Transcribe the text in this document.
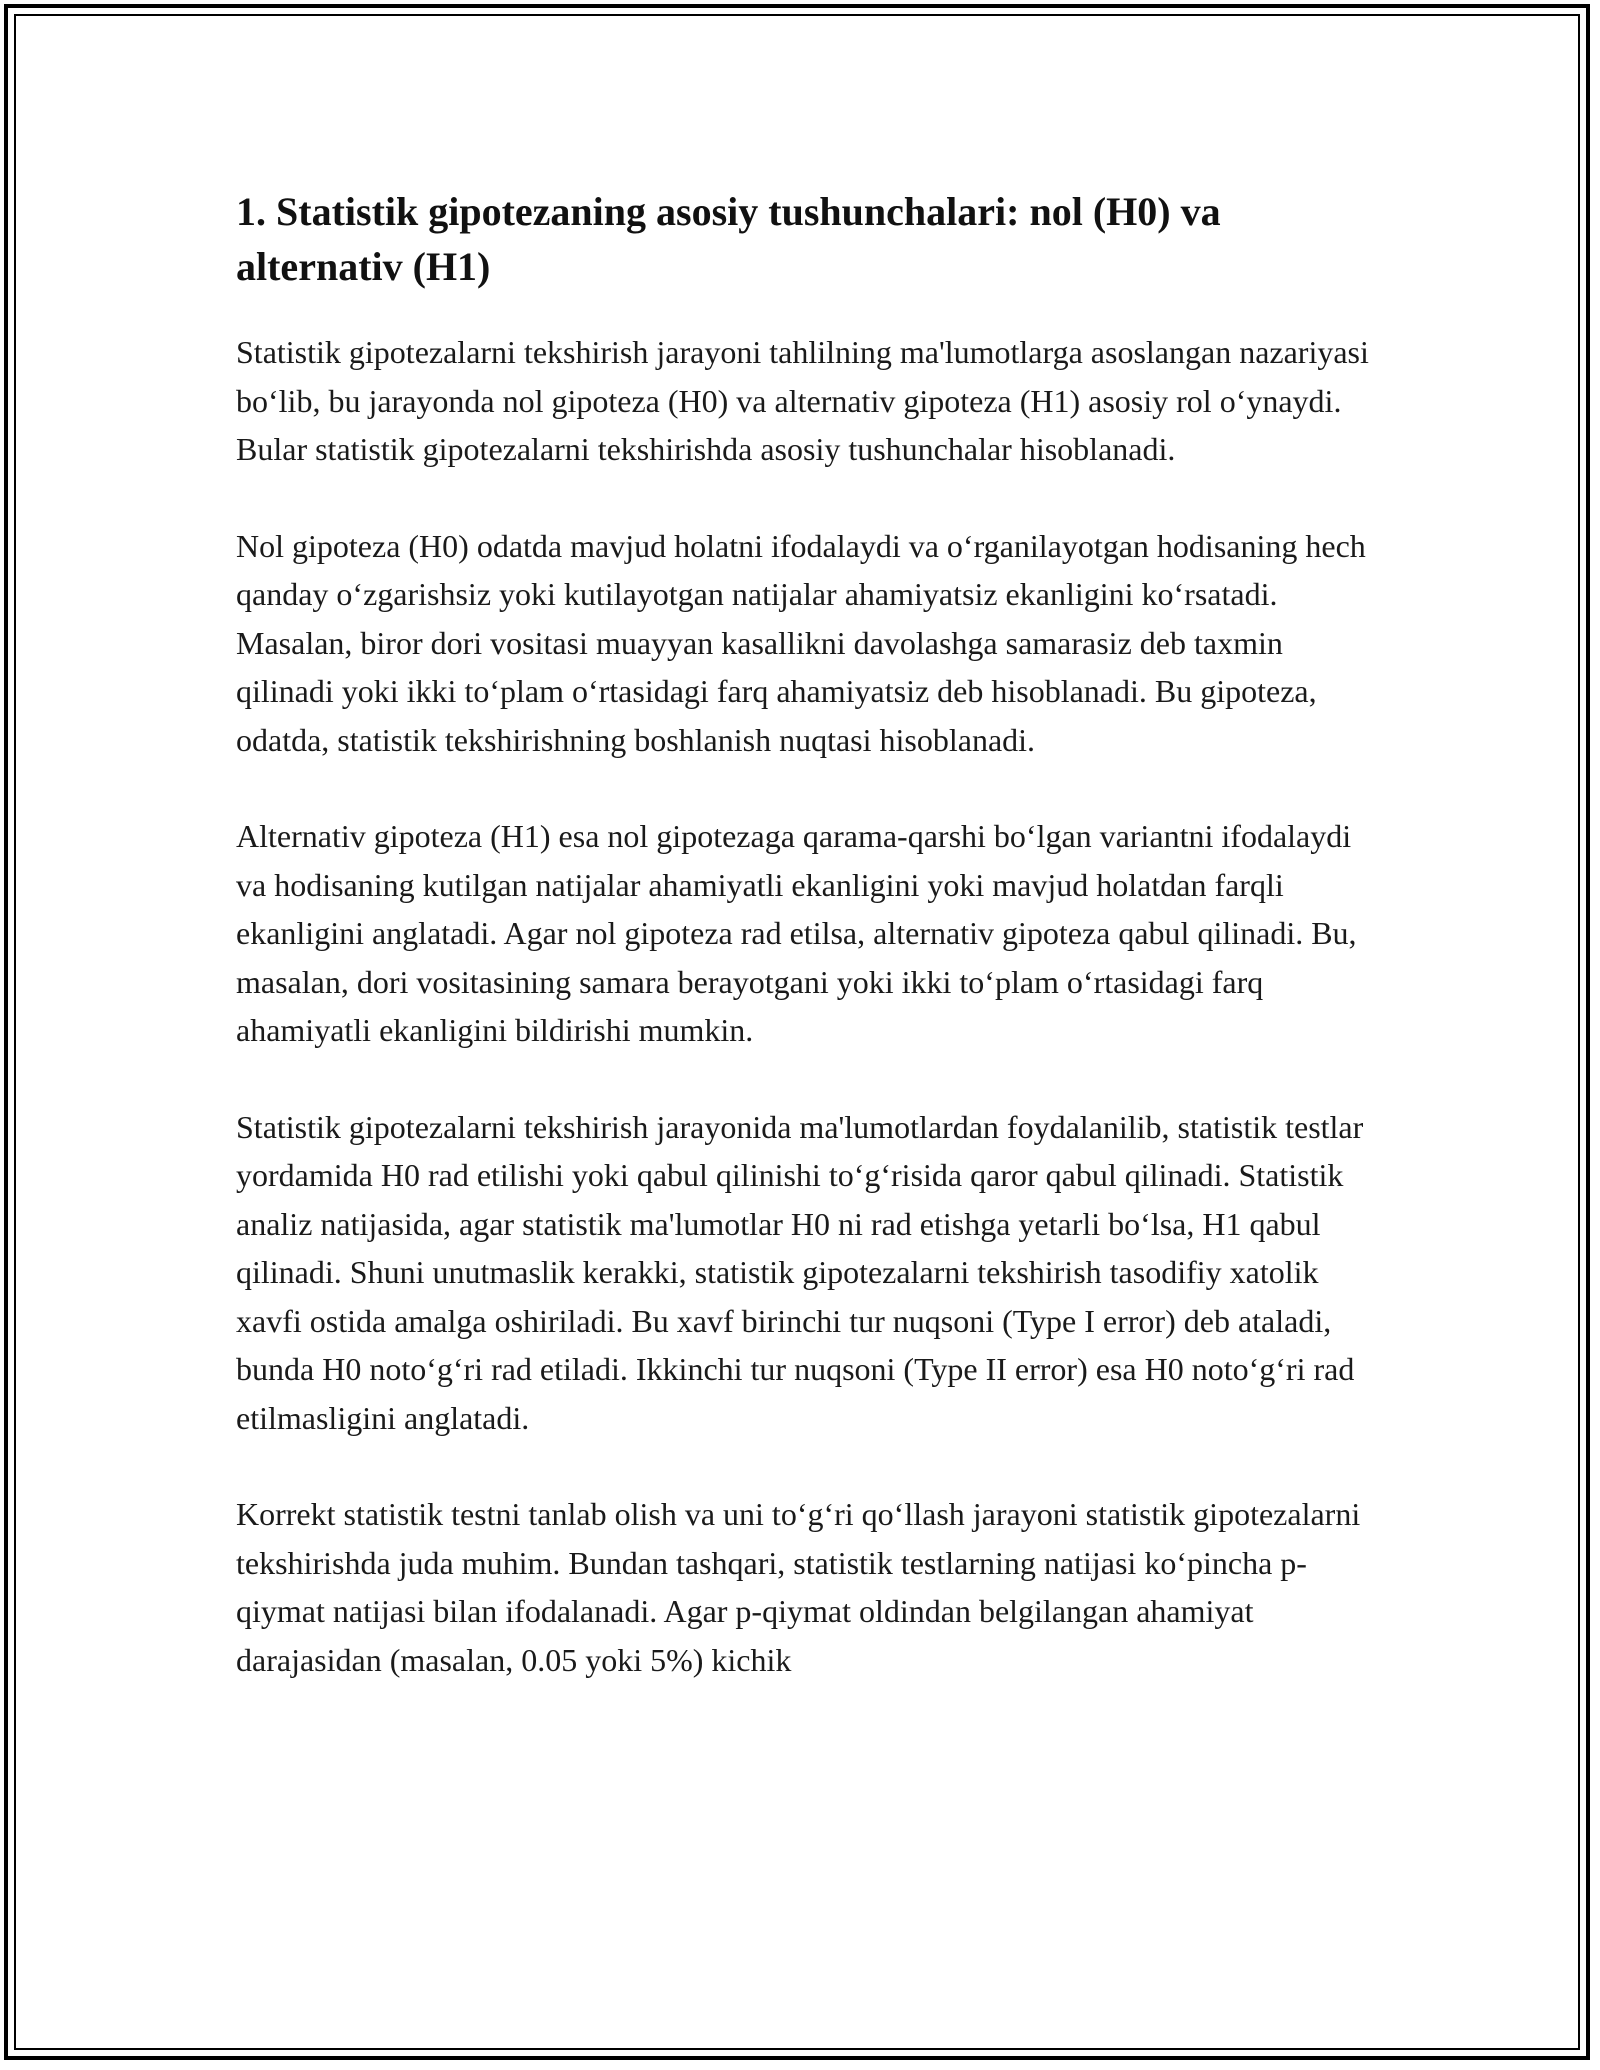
1. Statistik gipotezaning asosiy tushunchalari: nol (H0) va alternativ (H1)

Statistik gipotezalarni tekshirish jarayoni tahlilning ma'lumotlarga asoslangan nazariyasi bo‘lib, bu jarayonda nol gipoteza (H0) va alternativ gipoteza (H1) asosiy rol o‘ynaydi. Bular statistik gipotezalarni tekshirishda asosiy tushunchalar hisoblanadi.

Nol gipoteza (H0) odatda mavjud holatni ifodalaydi va o‘rganilayotgan hodisaning hech qanday o‘zgarishsiz yoki kutilayotgan natijalar ahamiyatsiz ekanligini ko‘rsatadi. Masalan, biror dori vositasi muayyan kasallikni davolashga samarasiz deb taxmin qilinadi yoki ikki to‘plam o‘rtasidagi farq ahamiyatsiz deb hisoblanadi. Bu gipoteza, odatda, statistik tekshirishning boshlanish nuqtasi hisoblanadi.

Alternativ gipoteza (H1) esa nol gipotezaga qarama-qarshi bo‘lgan variantni ifodalaydi va hodisaning kutilgan natijalar ahamiyatli ekanligini yoki mavjud holatdan farqli ekanligini anglatadi. Agar nol gipoteza rad etilsa, alternativ gipoteza qabul qilinadi. Bu, masalan, dori vositasining samara berayotgani yoki ikki to‘plam o‘rtasidagi farq ahamiyatli ekanligini bildirishi mumkin.

Statistik gipotezalarni tekshirish jarayonida ma'lumotlardan foydalanilib, statistik testlar yordamida H0 rad etilishi yoki qabul qilinishi to‘g‘risida qaror qabul qilinadi. Statistik analiz natijasida, agar statistik ma'lumotlar H0 ni rad etishga yetarli bo‘lsa, H1 qabul qilinadi. Shuni unutmaslik kerakki, statistik gipotezalarni tekshirish tasodifiy xatolik xavfi ostida amalga oshiriladi. Bu xavf birinchi tur nuqsoni (Type I error) deb ataladi, bunda H0 noto‘g‘ri rad etiladi. Ikkinchi tur nuqsoni (Type II error) esa H0 noto‘g‘ri rad etilmasligini anglatadi.

Korrekt statistik testni tanlab olish va uni to‘g‘ri qo‘llash jarayoni statistik gipotezalarni tekshirishda juda muhim. Bundan tashqari, statistik testlarning natijasi ko‘pincha p-qiymat natijasi bilan ifodalanadi. Agar p-qiymat oldindan belgilangan ahamiyat darajasidan (masalan, 0.05 yoki 5%) kichik
